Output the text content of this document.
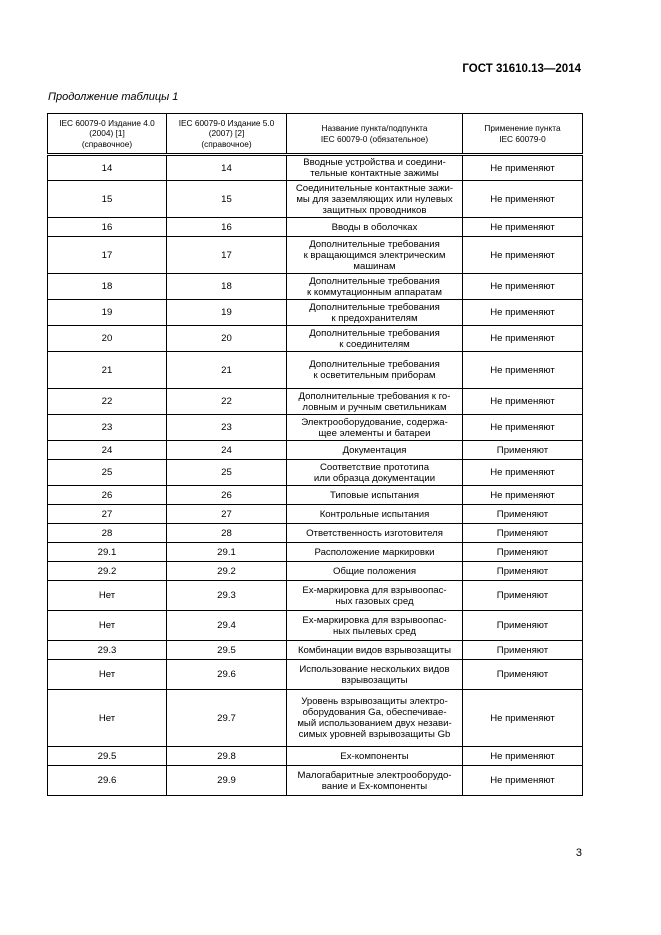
ГОСТ 31610.13—2014
Продолжение таблицы 1
IEC 60079-0 Издание 4.0
(2004) [1]
(справочное)	IEC 60079-0 Издание 5.0
(2007) [2]
(справочное)	Название пункта/подпункта
IEC 60079-0 (обязательное)	Применение пункта
IEC 60079-0
14	14	Вводные устройства и соедини-
тельные контактные зажимы	Не применяют
15	15	Соединительные контактные зажи-
мы для заземляющих или нулевых
защитных проводников	Не применяют
16	16	Вводы в оболочках	Не применяют
17	17	Дополнительные требования
к вращающимся электрическим
машинам	Не применяют
18	18	Дополнительные требования
к коммутационным аппаратам	Не применяют
19	19	Дополнительные требования
к предохранителям	Не применяют
20	20	Дополнительные требования
к соединителям	Не применяют
21	21	Дополнительные требования
к осветительным приборам	Не применяют
22	22	Дополнительные требования к го-
ловным и ручным светильникам	Не применяют
23	23	Электрооборудование, содержа-
щее элементы и батареи	Не применяют
24	24	Документация	Применяют
25	25	Соответствие прототипа
или образца документации	Не применяют
26	26	Типовые испытания	Не применяют
27	27	Контрольные испытания	Применяют
28	28	Ответственность изготовителя	Применяют
29.1	29.1	Расположение маркировки	Применяют
29.2	29.2	Общие положения	Применяют
Нет	29.3	Ex-маркировка для взрывоопас-
ных газовых сред	Применяют
Нет	29.4	Ex-маркировка для взрывоопас-
ных пылевых сред	Применяют
29.3	29.5	Комбинации видов взрывозащиты	Применяют
Нет	29.6	Использование нескольких видов
взрывозащиты	Применяют
Нет	29.7	Уровень взрывозащиты электро-
оборудования Ga, обеспечивае-
мый использованием двух незави-
симых уровней взрывозащиты Gb	Не применяют
29.5	29.8	Ex-компоненты	Не применяют
29.6	29.9	Малогабаритные электрооборудо-
вание и Ex-компоненты	Не применяют
3
